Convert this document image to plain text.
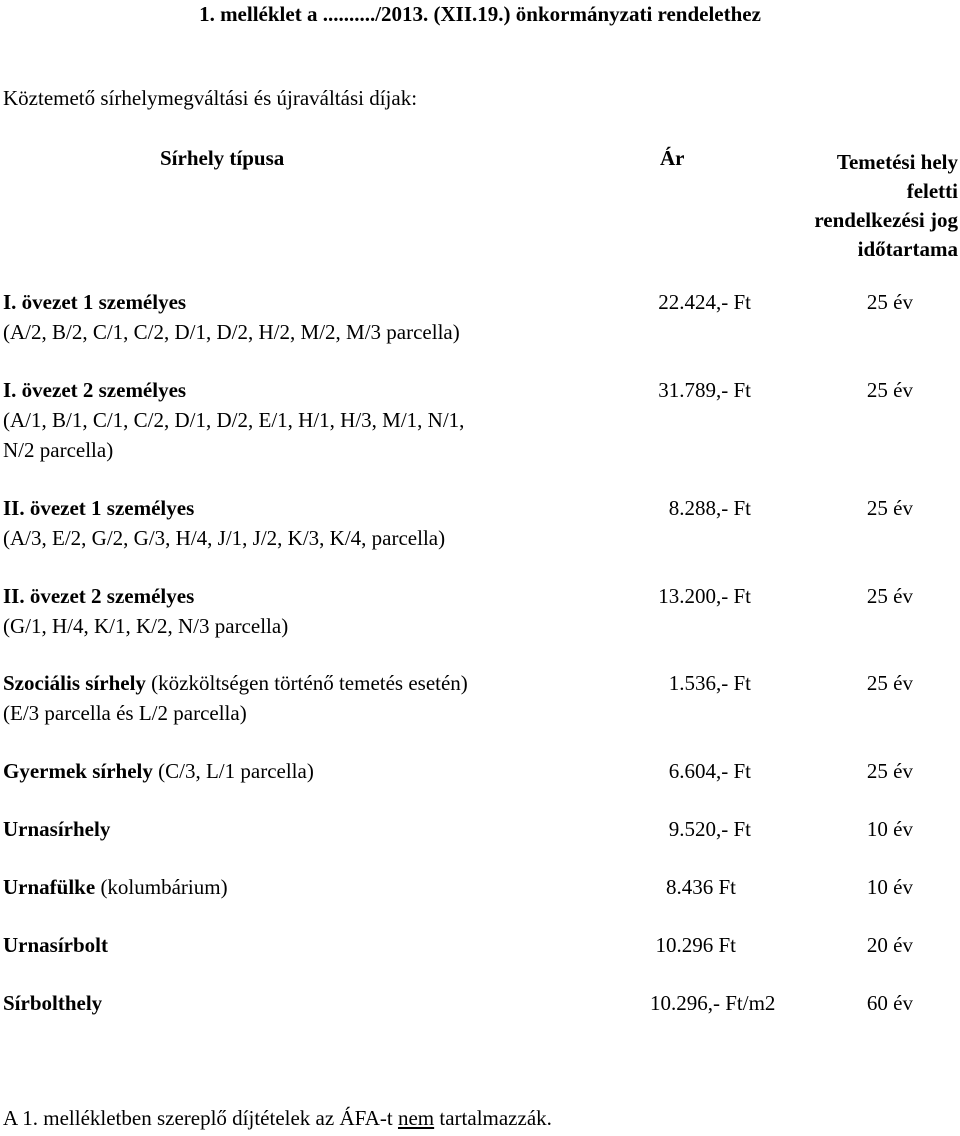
1. melléklet a ........../2013. (XII.19.) önkormányzati rendelethez
Köztemető sírhelymegváltási és újraváltási díjak:
Sírhely típusa	Ár	Temetési hely
feletti
rendelkezési jog
időtartama
I. övezet 1 személyes
(A/2, B/2, C/1, C/2, D/1, D/2, H/2, M/2, M/3 parcella)
22.424,- Ft	25 év
I. övezet 2 személyes
(A/1, B/1, C/1, C/2, D/1, D/2, E/1, H/1, H/3, M/1, N/1,
N/2 parcella)
31.789,- Ft	25 év
II. övezet 1 személyes
(A/3, E/2, G/2, G/3, H/4, J/1, J/2, K/3, K/4, parcella)
8.288,- Ft	25 év
II. övezet 2 személyes
(G/1, H/4, K/1, K/2, N/3 parcella)
13.200,- Ft	25 év
Szociális sírhely (közköltségen történő temetés esetén)
(E/3 parcella és L/2 parcella)
1.536,- Ft	25 év
Gyermek sírhely (C/3, L/1 parcella)	6.604,- Ft	25 év
Urnasírhely	9.520,- Ft	10 év
Urnafülke (kolumbárium)	8.436 Ft	10 év
Urnasírbolt	10.296 Ft	20 év
Sírbolthely	10.296,- Ft/m2	60 év
A 1. mellékletben szereplő díjtételek az ÁFA-t nem tartalmazzák.
